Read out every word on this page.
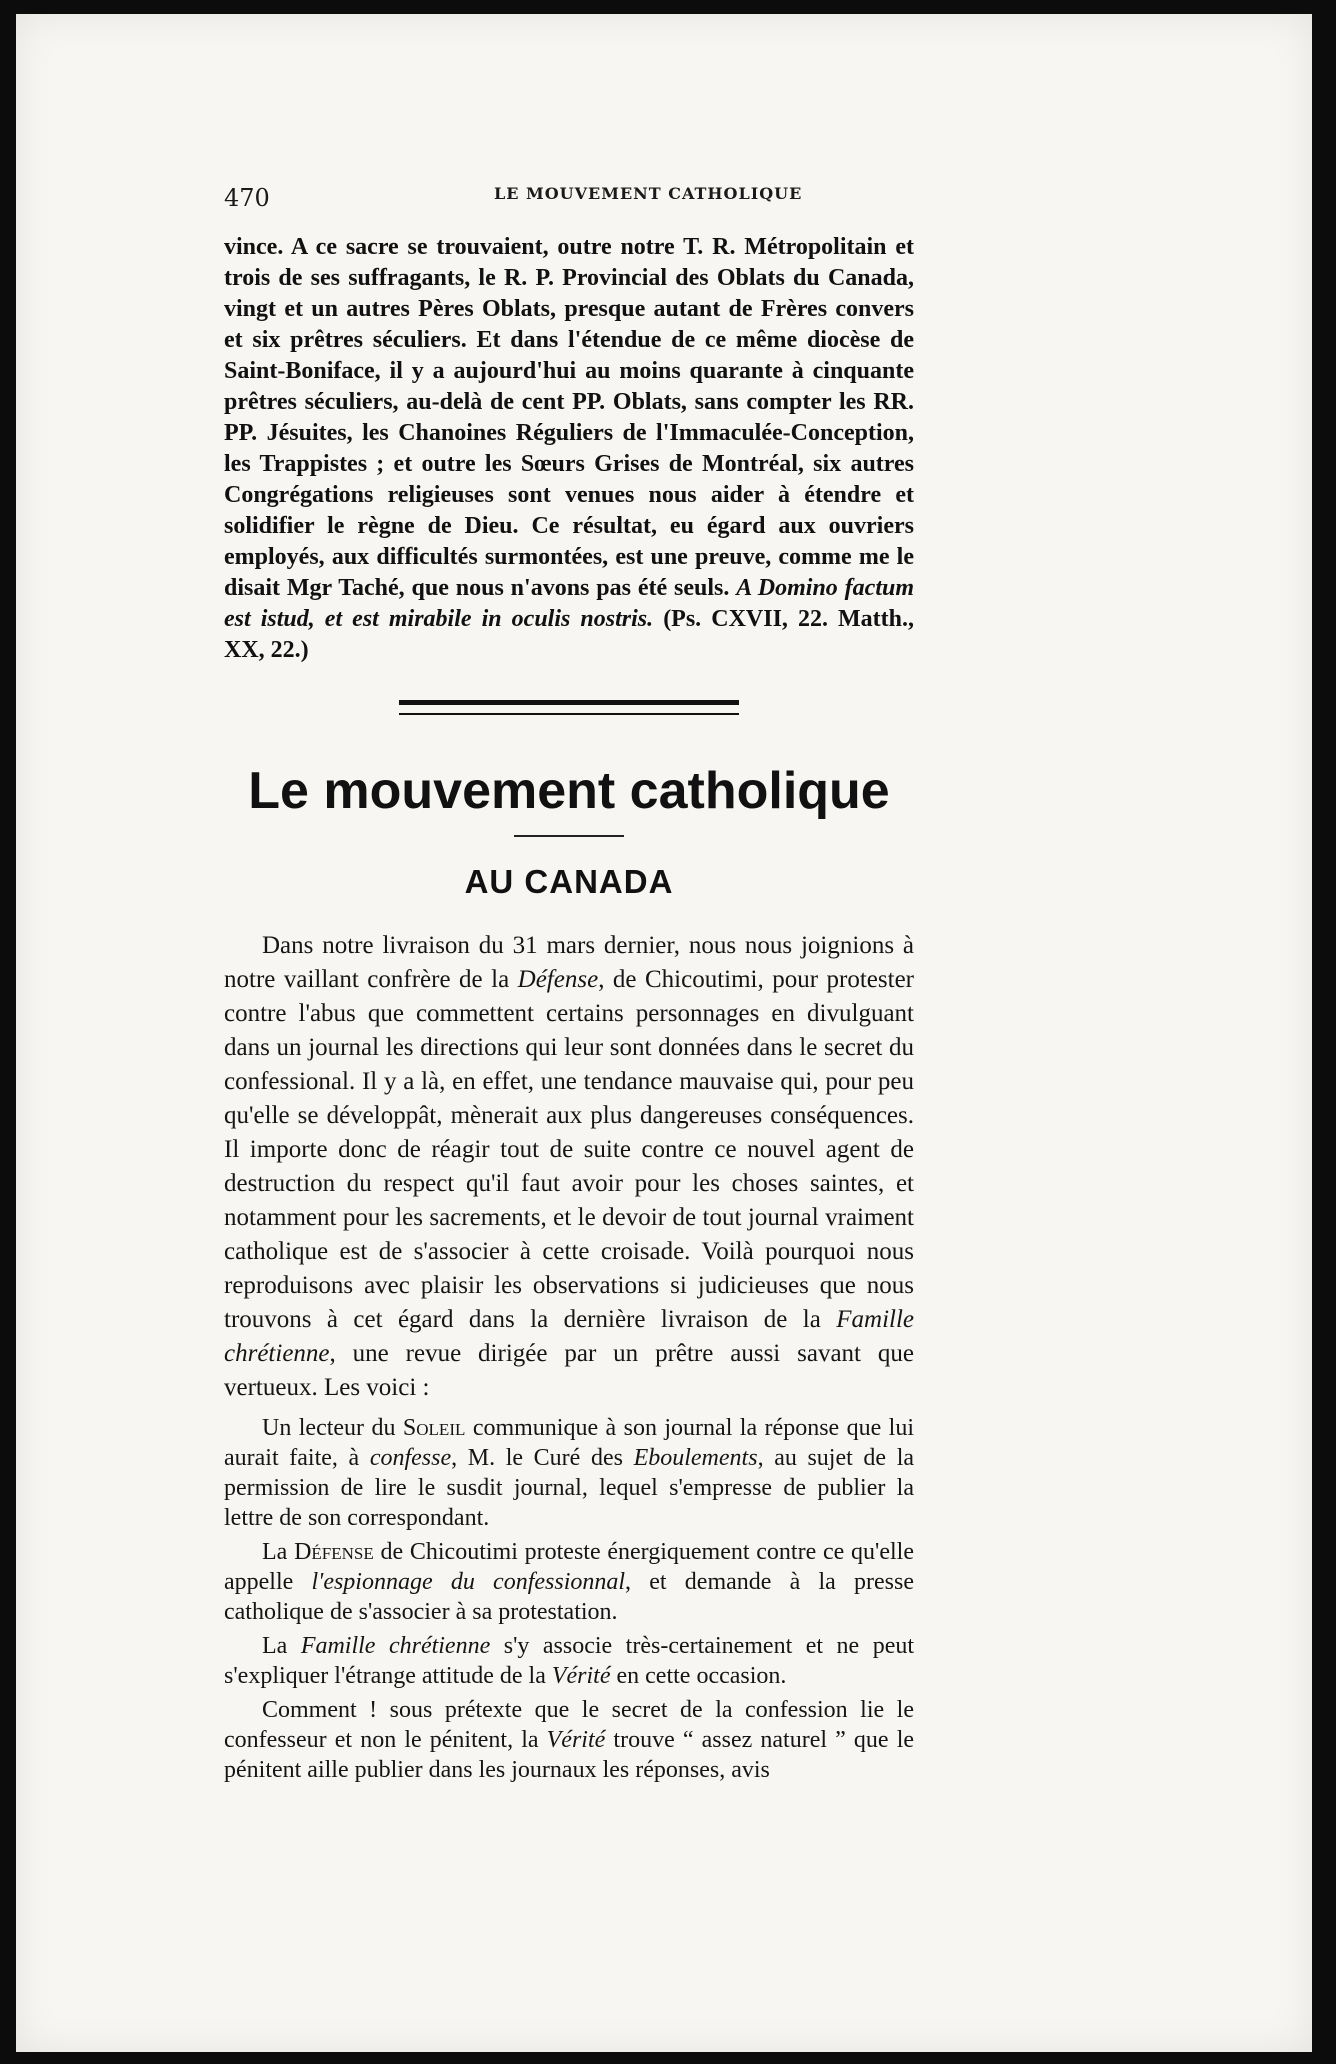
470	LE MOUVEMENT CATHOLIQUE

vince. A ce sacre se trouvaient, outre notre T. R. Métropolitain et trois de ses suffragants, le R. P. Provincial des Oblats du Canada, vingt et un autres Pères Oblats, presque autant de Frères convers et six prêtres séculiers. Et dans l'étendue de ce même diocèse de Saint-Boniface, il y a aujourd'hui au moins quarante à cinquante prêtres séculiers, au-delà de cent PP. Oblats, sans compter les RR. PP. Jésuites, les Chanoines Réguliers de l'Immaculée-Conception, les Trappistes ; et outre les Sœurs Grises de Montréal, six autres Congrégations religieuses sont venues nous aider à étendre et solidifier le règne de Dieu. Ce résultat, eu égard aux ouvriers employés, aux difficultés surmontées, est une preuve, comme me le disait Mgr Taché, que nous n'avons pas été seuls. A Domino factum est istud, et est mirabile in oculis nostris. (Ps. CXVII, 22. Matth., XX, 22.)

Le mouvement catholique
AU CANADA

Dans notre livraison du 31 mars dernier, nous nous joignions à notre vaillant confrère de la Défense, de Chicoutimi, pour protester contre l'abus que commettent certains personnages en divulguant dans un journal les directions qui leur sont données dans le secret du confessional. Il y a là, en effet, une tendance mauvaise qui, pour peu qu'elle se développât, mènerait aux plus dangereuses conséquences. Il importe donc de réagir tout de suite contre ce nouvel agent de destruction du respect qu'il faut avoir pour les choses saintes, et notamment pour les sacrements, et le devoir de tout journal vraiment catholique est de s'associer à cette croisade. Voilà pourquoi nous reproduisons avec plaisir les observations si judicieuses que nous trouvons à cet égard dans la dernière livraison de la Famille chrétienne, une revue dirigée par un prêtre aussi savant que vertueux. Les voici :

Un lecteur du Soleil communique à son journal la réponse que lui aurait faite, à confesse, M. le Curé des Eboulements, au sujet de la permission de lire le susdit journal, lequel s'empresse de publier la lettre de son correspondant.

La Défense de Chicoutimi proteste énergiquement contre ce qu'elle appelle l'espionnage du confessionnal, et demande à la presse catholique de s'associer à sa protestation.

La Famille chrétienne s'y associe très-certainement et ne peut s'expliquer l'étrange attitude de la Vérité en cette occasion.

Comment ! sous prétexte que le secret de la confession lie le confesseur et non le pénitent, la Vérité trouve “ assez naturel ” que le pénitent aille publier dans les journaux les réponses, avis
